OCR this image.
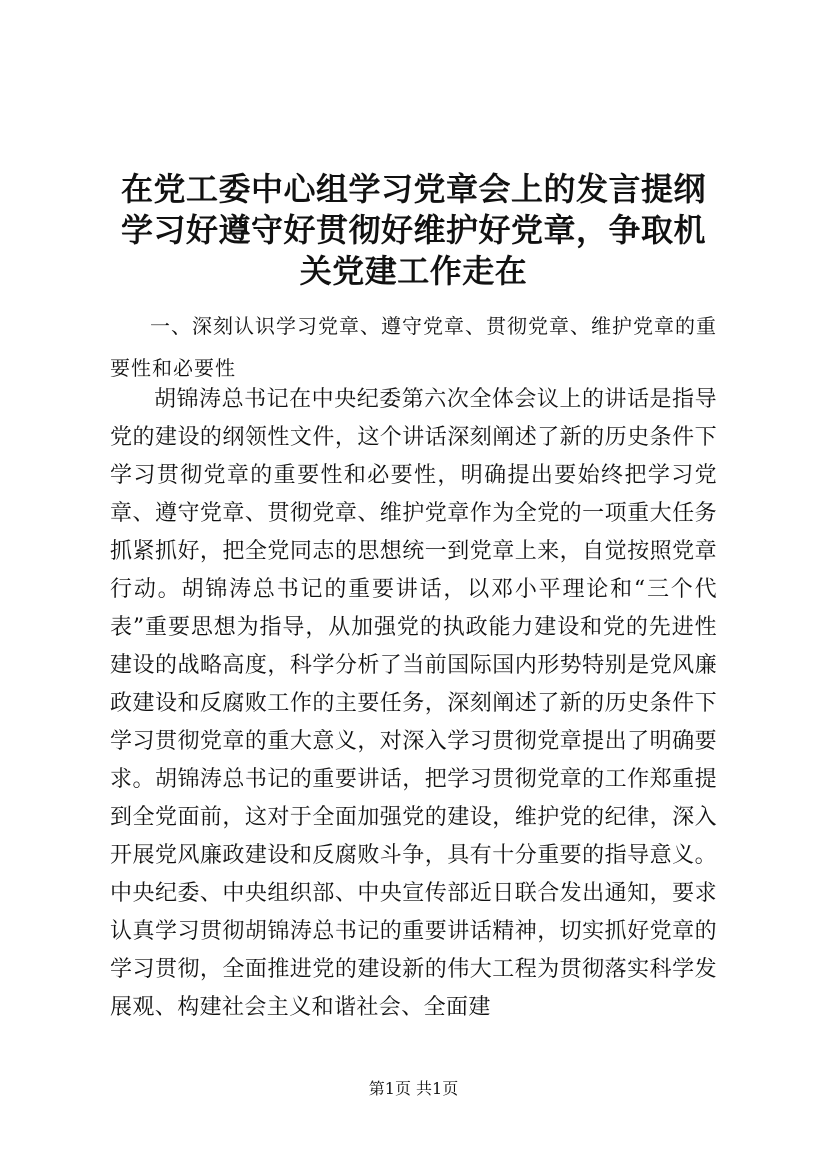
在党工委中心组学习党章会上的发言提纲学习好遵守好贯彻好维护好党章，争取机关党建工作走在

一、深刻认识学习党章、遵守党章、贯彻党章、维护党章的重要性和必要性

胡锦涛总书记在中央纪委第六次全体会议上的讲话是指导党的建设的纲领性文件，这个讲话深刻阐述了新的历史条件下学习贯彻党章的重要性和必要性，明确提出要始终把学习党章、遵守党章、贯彻党章、维护党章作为全党的一项重大任务抓紧抓好，把全党同志的思想统一到党章上来，自觉按照党章行动。胡锦涛总书记的重要讲话，以邓小平理论和“三个代表”重要思想为指导，从加强党的执政能力建设和党的先进性建设的战略高度，科学分析了当前国际国内形势特别是党风廉政建设和反腐败工作的主要任务，深刻阐述了新的历史条件下学习贯彻党章的重大意义，对深入学习贯彻党章提出了明确要求。胡锦涛总书记的重要讲话，把学习贯彻党章的工作郑重提到全党面前，这对于全面加强党的建设，维护党的纪律，深入开展党风廉政建设和反腐败斗争，具有十分重要的指导意义。中央纪委、中央组织部、中央宣传部近日联合发出通知，要求认真学习贯彻胡锦涛总书记的重要讲话精神，切实抓好党章的学习贯彻，全面推进党的建设新的伟大工程为贯彻落实科学发展观、构建社会主义和谐社会、全面建

第1页 共1页
